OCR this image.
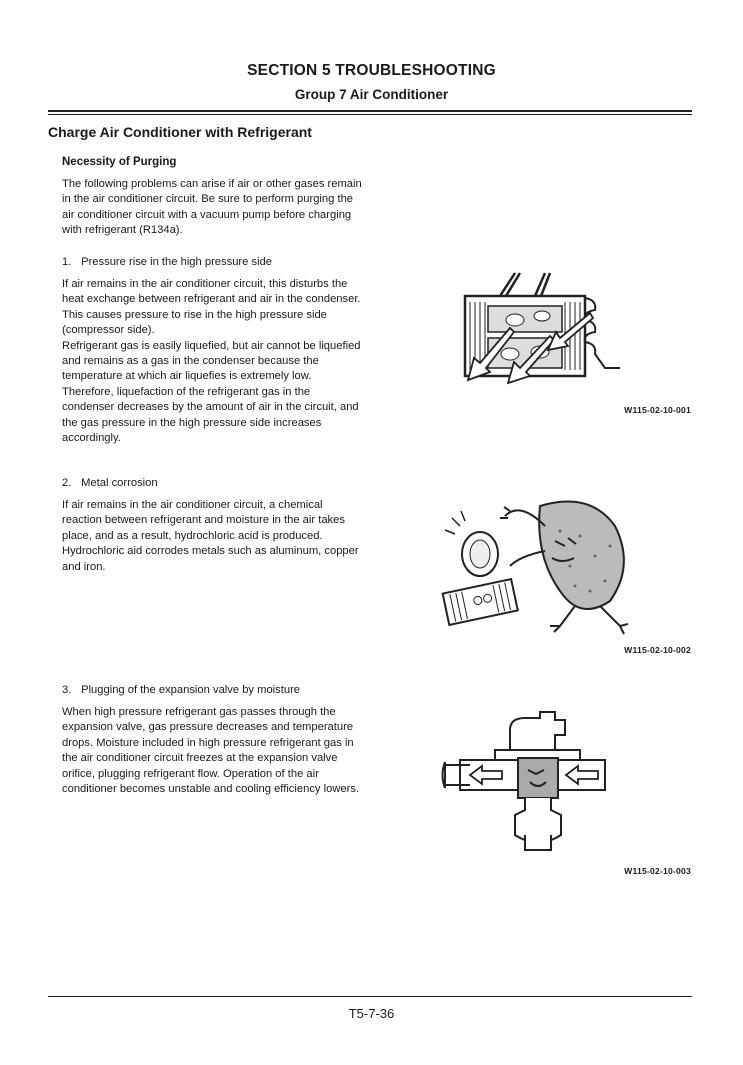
SECTION 5 TROUBLESHOOTING
Group 7 Air Conditioner
Charge Air Conditioner with Refrigerant
Necessity of Purging
The following problems can arise if air or other gases remain in the air conditioner circuit. Be sure to perform purging the air conditioner circuit with a vacuum pump before charging with refrigerant (R134a).
1. Pressure rise in the high pressure side
If air remains in the air conditioner circuit, this disturbs the heat exchange between refrigerant and air in the condenser. This causes pressure to rise in the high pressure side (compressor side).
Refrigerant gas is easily liquefied, but air cannot be liquefied and remains as a gas in the condenser because the temperature at which air liquefies is extremely low. Therefore, liquefaction of the refrigerant gas in the condenser decreases by the amount of air in the circuit, and the gas pressure in the high pressure side increases accordingly.
W115-02-10-001
2. Metal corrosion
If air remains in the air conditioner circuit, a chemical reaction between refrigerant and moisture in the air takes place, and as a result, hydrochloric acid is produced. Hydrochloric aid corrodes metals such as aluminum, copper and iron.
W115-02-10-002
3. Plugging of the expansion valve by moisture
When high pressure refrigerant gas passes through the expansion valve, gas pressure decreases and temperature drops. Moisture included in high pressure refrigerant gas in the air conditioner circuit freezes at the expansion valve orifice, plugging refrigerant flow. Operation of the air conditioner becomes unstable and cooling efficiency lowers.
W115-02-10-003
T5-7-36
